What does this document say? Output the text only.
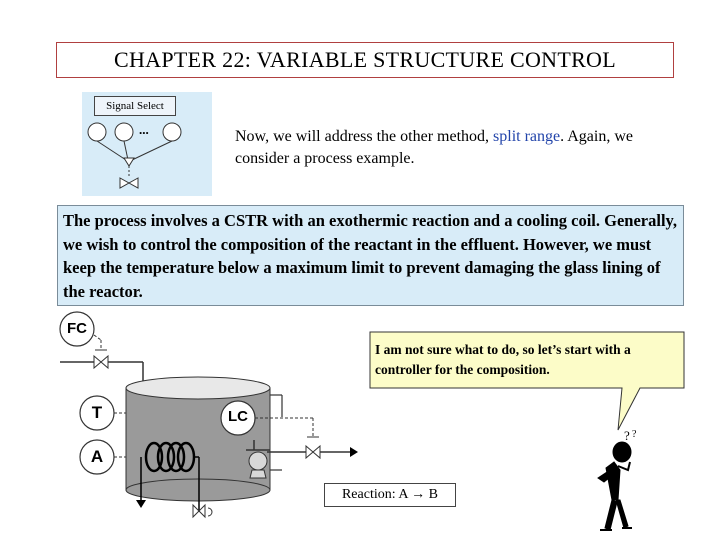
CHAPTER 22: VARIABLE STRUCTURE CONTROL
Signal Select
...	Now, we will address the other method, split range. Again, we consider a process example.
The process involves a CSTR with an exothermic reaction and a cooling coil. Generally, we wish to control the composition of the reactant in the effluent. However, we must keep the temperature below a maximum limit to prevent damaging the glass lining of the reactor.
? ?
FC
T
A
LC
I am not sure what to do, so let’s start with a controller for the composition.
Reaction: A → B
